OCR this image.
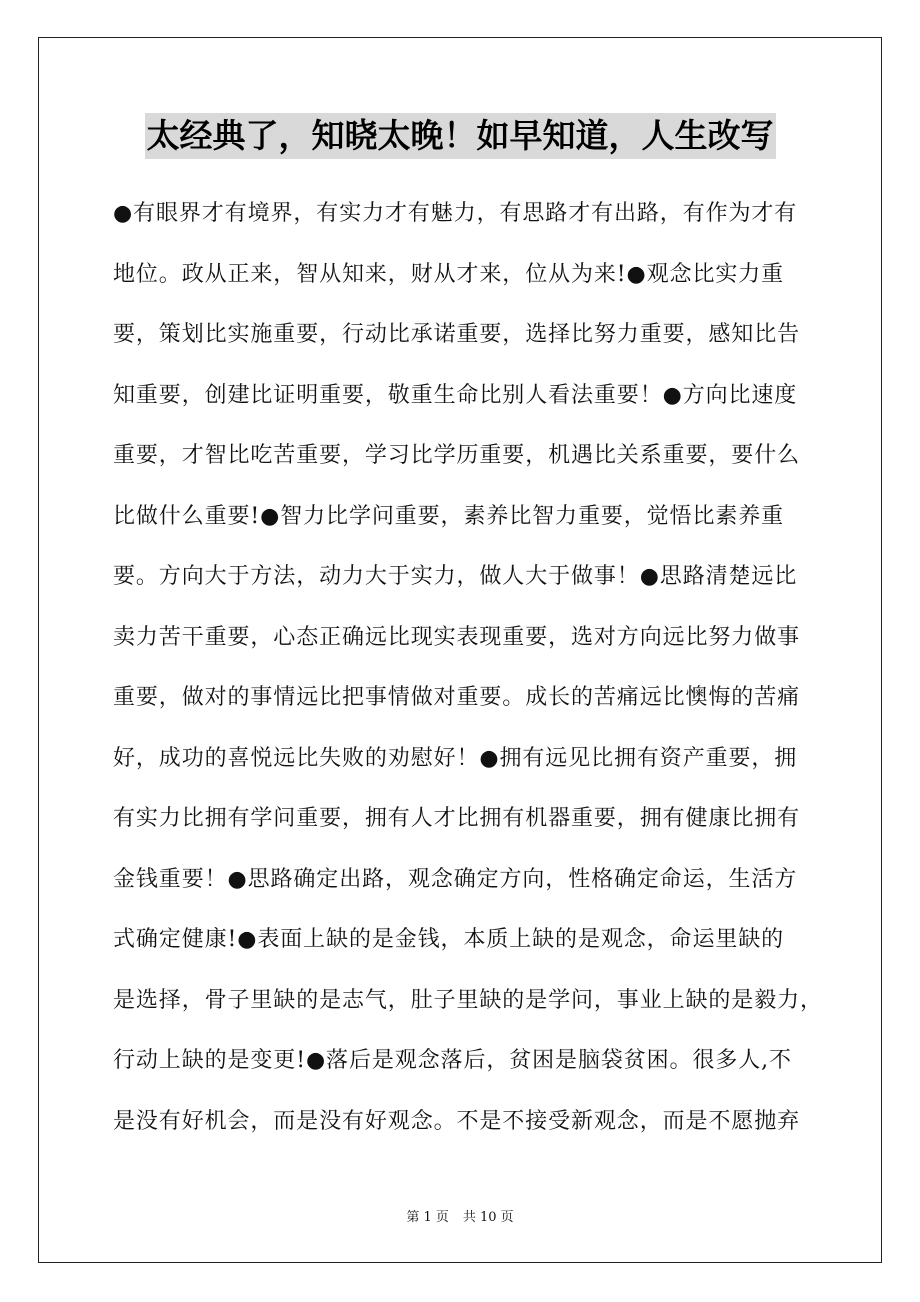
太经典了，知晓太晚！如早知道，人生改写
●有眼界才有境界，有实力才有魅力，有思路才有出路，有作为才有
地位。政从正来，智从知来，财从才来，位从为来!●观念比实力重
要，策划比实施重要，行动比承诺重要，选择比努力重要，感知比告
知重要，创建比证明重要，敬重生命比别人看法重要！●方向比速度
重要，才智比吃苦重要，学习比学历重要，机遇比关系重要，要什么
比做什么重要!●智力比学问重要，素养比智力重要，觉悟比素养重
要。方向大于方法，动力大于实力，做人大于做事！●思路清楚远比
卖力苦干重要，心态正确远比现实表现重要，选对方向远比努力做事
重要，做对的事情远比把事情做对重要。成长的苦痛远比懊悔的苦痛
好，成功的喜悦远比失败的劝慰好！●拥有远见比拥有资产重要，拥
有实力比拥有学问重要，拥有人才比拥有机器重要，拥有健康比拥有
金钱重要！●思路确定出路，观念确定方向，性格确定命运，生活方
式确定健康!●表面上缺的是金钱，本质上缺的是观念，命运里缺的
是选择，骨子里缺的是志气，肚子里缺的是学问，事业上缺的是毅力，
行动上缺的是变更!●落后是观念落后，贫困是脑袋贫困。很多人,不
是没有好机会，而是没有好观念。不是不接受新观念，而是不愿抛弃
第 1 页 共 10 页
